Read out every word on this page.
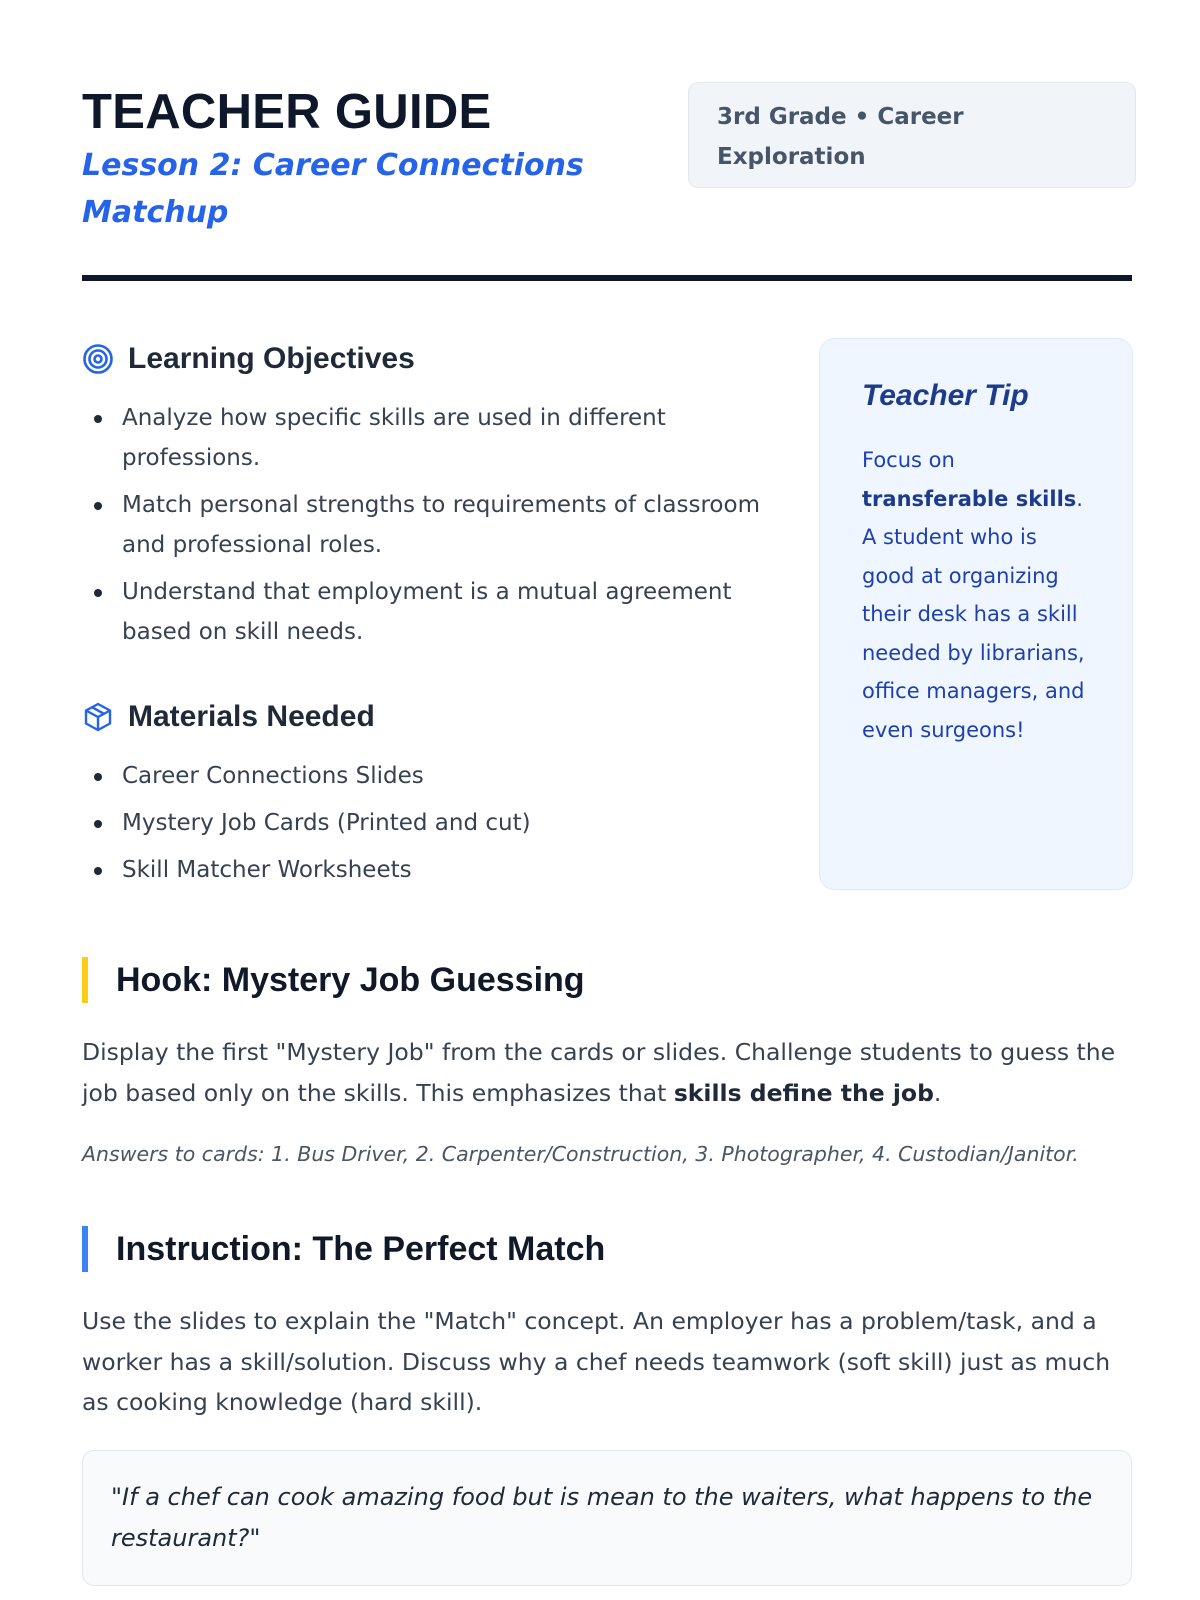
TEACHER GUIDE

Lesson 2: Career Connections Matchup

3rd Grade • Career Exploration
Learning Objectives
Analyze how specific skills are used in different professions.
Match personal strengths to requirements of classroom and professional roles.
Understand that employment is a mutual agreement based on skill needs.
Materials Needed
Career Connections Slides
Mystery Job Cards (Printed and cut)
Skill Matcher Worksheets
Teacher Tip

Focus on transferable skills. A student who is good at organizing their desk has a skill needed by librarians, office managers, and even surgeons!

Hook: Mystery Job Guessing

Display the first "Mystery Job" from the cards or slides. Challenge students to guess the job based only on the skills. This emphasizes that skills define the job.

Answers to cards: 1. Bus Driver, 2. Carpenter/Construction, 3. Photographer, 4. Custodian/Janitor.

Instruction: The Perfect Match

Use the slides to explain the "Match" concept. An employer has a problem/task, and a worker has a skill/solution. Discuss why a chef needs teamwork (soft skill) just as much as cooking knowledge (hard skill).

"If a chef can cook amazing food but is mean to the waiters, what happens to the restaurant?"
